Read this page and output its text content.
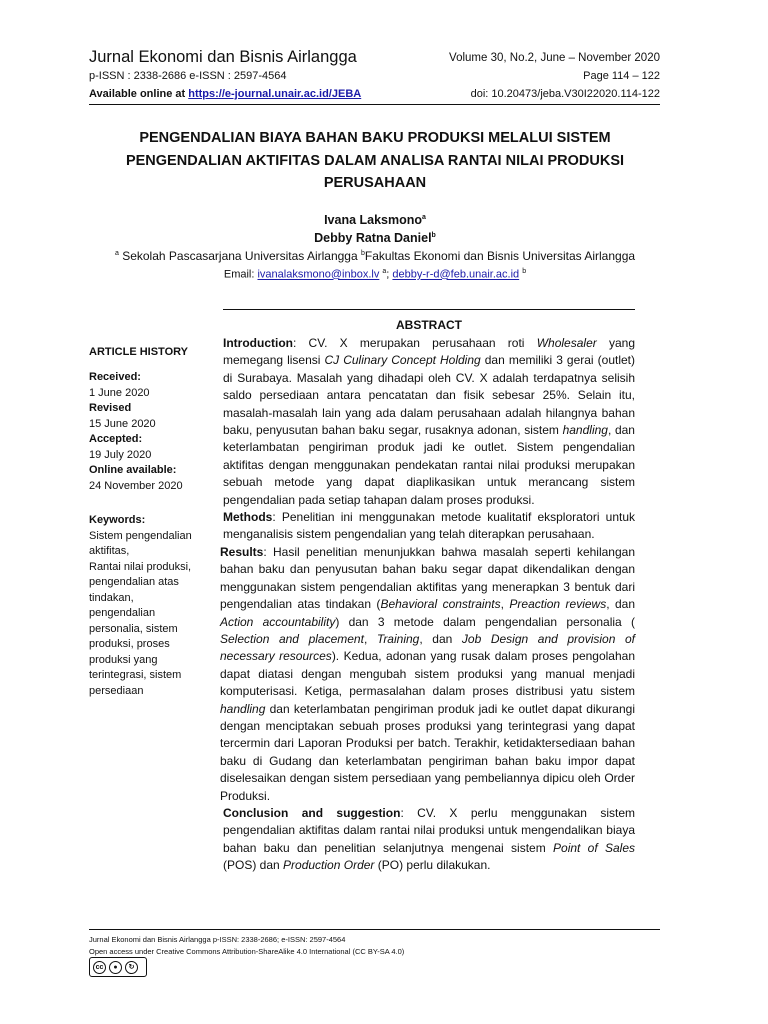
Jurnal Ekonomi dan Bisnis Airlangga
p-ISSN : 2338-2686 e-ISSN : 2597-4564
Available online at https://e-journal.unair.ac.id/JEBA
Volume 30, No.2, June – November 2020
Page 114 – 122
doi: 10.20473/jeba.V30I22020.114-122
PENGENDALIAN BIAYA BAHAN BAKU PRODUKSI MELALUI SISTEM
PENGENDALIAN AKTIFITAS DALAM ANALISA RANTAI NILAI PRODUKSI
PERUSAHAAN
Ivana Laksmono$^a$
Debby Ratna Daniel$^b$
$^a$ Sekolah Pascasarjana Universitas Airlangga $^b$Fakultas Ekonomi dan Bisnis Universitas Airlangga
Email: ivanalaksmono@inbox.lv $^a$; debby-r-d@feb.unair.ac.id $^b$
ABSTRACT
ARTICLE HISTORY
Received:
1 June 2020
Revised
15 June 2020
Accepted:
19 July 2020
Online available:
24 November 2020
Keywords:
Sistem pengendalian
aktifitas,
Rantai nilai produksi,
pengendalian atas
tindakan,
pengendalian
personalia, sistem
produksi, proses
produksi yang
terintegrasi, sistem
persediaan

Introduction: CV. X merupakan perusahaan roti Wholesaler yang memegang lisensi CJ Culinary Concept Holding dan memiliki 3 gerai (outlet) di Surabaya. Masalah yang dihadapi oleh CV. X adalah terdapatnya selisih saldo persediaan antara pencatatan dan fisik sebesar 25%. Selain itu, masalah-masalah lain yang ada dalam perusahaan adalah hilangnya bahan baku, penyusutan bahan baku segar, rusaknya adonan, sistem handling, dan keterlambatan pengiriman produk jadi ke outlet. Sistem pengendalian aktifitas dengan menggunakan pendekatan rantai nilai produksi merupakan sebuah metode yang dapat diaplikasikan untuk merancang sistem pengendalian pada setiap tahapan dalam proses produksi.

Methods: Penelitian ini menggunakan metode kualitatif eksploratori untuk menganalisis sistem pengendalian yang telah diterapkan perusahaan.

Results: Hasil penelitian menunjukkan bahwa masalah seperti kehilangan bahan baku dan penyusutan bahan baku segar dapat dikendalikan dengan menggunakan sistem pengendalian aktifitas yang menerapkan 3 bentuk dari pengendalian atas tindakan (Behavioral constraints, Preaction reviews, dan Action accountability) dan 3 metode dalam pengendalian personalia ( Selection and placement, Training, dan Job Design and provision of necessary resources). Kedua, adonan yang rusak dalam proses pengolahan dapat diatasi dengan mengubah sistem produksi yang manual menjadi komputerisasi. Ketiga, permasalahan dalam proses distribusi yatu sistem handling dan keterlambatan pengiriman produk jadi ke outlet dapat dikurangi dengan menciptakan sebuah proses produksi yang terintegrasi yang dapat tercermin dari Laporan Produksi per batch. Terakhir, ketidaktersediaan bahan baku di Gudang dan keterlambatan pengiriman bahan baku impor dapat diselesaikan dengan sistem persediaan yang pembeliannya dipicu oleh Order Produksi.

Conclusion and suggestion: CV. X perlu menggunakan sistem pengendalian aktifitas dalam rantai nilai produksi untuk mengendalikan biaya bahan baku dan penelitian selanjutnya mengenai sistem Point of Sales (POS) dan Production Order (PO) perlu dilakukan.

Jurnal Ekonomi dan Bisnis Airlangga p-ISSN: 2338-2686; e-ISSN: 2597-4564
Open access under Creative Commons Attribution-ShareAlike 4.0 International (CC BY-SA 4.0)
cc	●	↻
